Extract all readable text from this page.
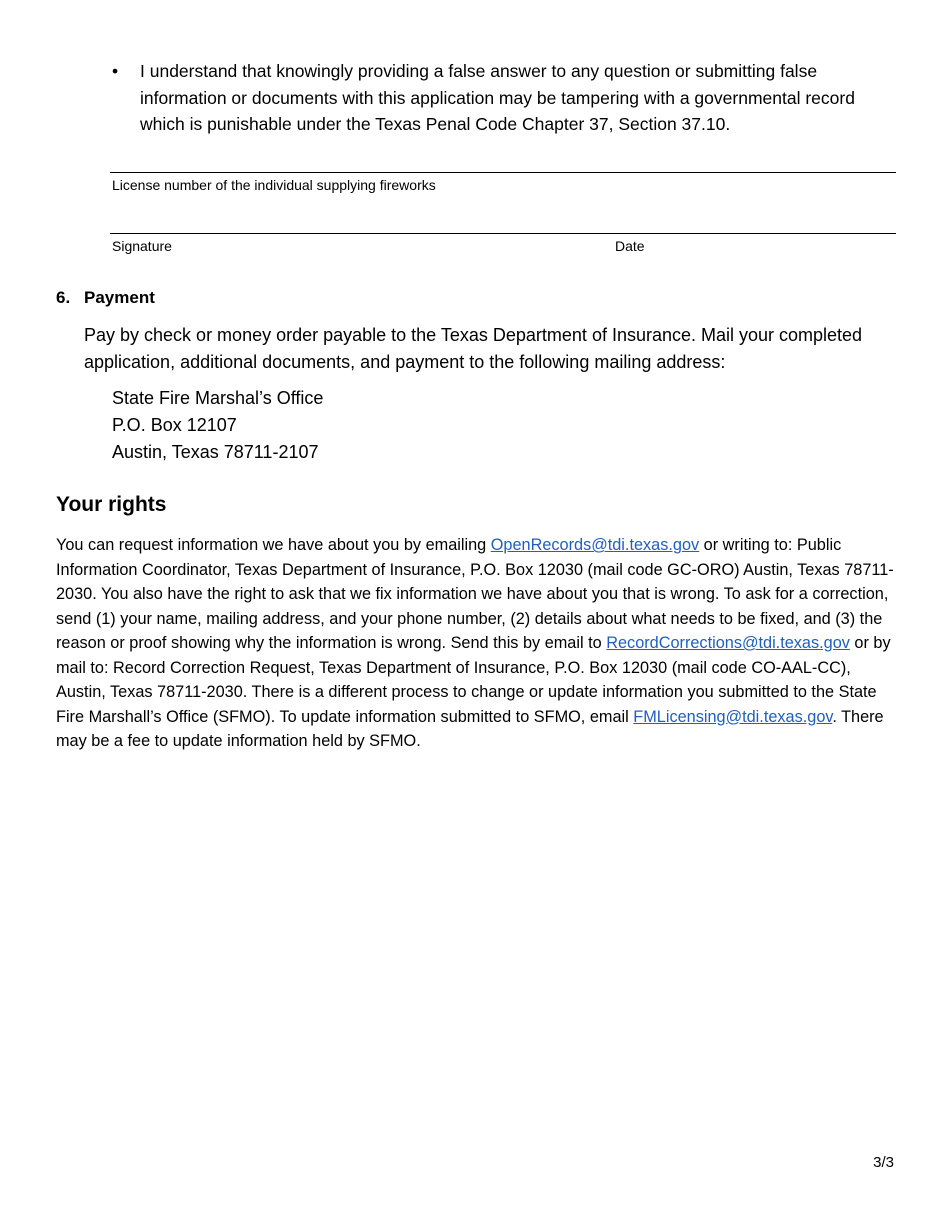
• I understand that knowingly providing a false answer to any question or submitting false information or documents with this application may be tampering with a governmental record which is punishable under the Texas Penal Code Chapter 37, Section 37.10.
License number of the individual supplying fireworks
Signature	Date
6. Payment
Pay by check or money order payable to the Texas Department of Insurance. Mail your completed application, additional documents, and payment to the following mailing address:
State Fire Marshal’s Office
P.O. Box 12107
Austin, Texas 78711-2107
Your rights
You can request information we have about you by emailing OpenRecords@tdi.texas.gov or writing to: Public Information Coordinator, Texas Department of Insurance, P.O. Box 12030 (mail code GC-ORO) Austin, Texas 78711-2030. You also have the right to ask that we fix information we have about you that is wrong. To ask for a correction, send (1) your name, mailing address, and your phone number, (2) details about what needs to be fixed, and (3) the reason or proof showing why the information is wrong. Send this by email to RecordCorrections@tdi.texas.gov or by mail to: Record Correction Request, Texas Department of Insurance, P.O. Box 12030 (mail code CO-AAL-CC), Austin, Texas 78711-2030. There is a different process to change or update information you submitted to the State Fire Marshall’s Office (SFMO). To update information submitted to SFMO, email FMLicensing@tdi.texas.gov. There may be a fee to update information held by SFMO.
3/3
